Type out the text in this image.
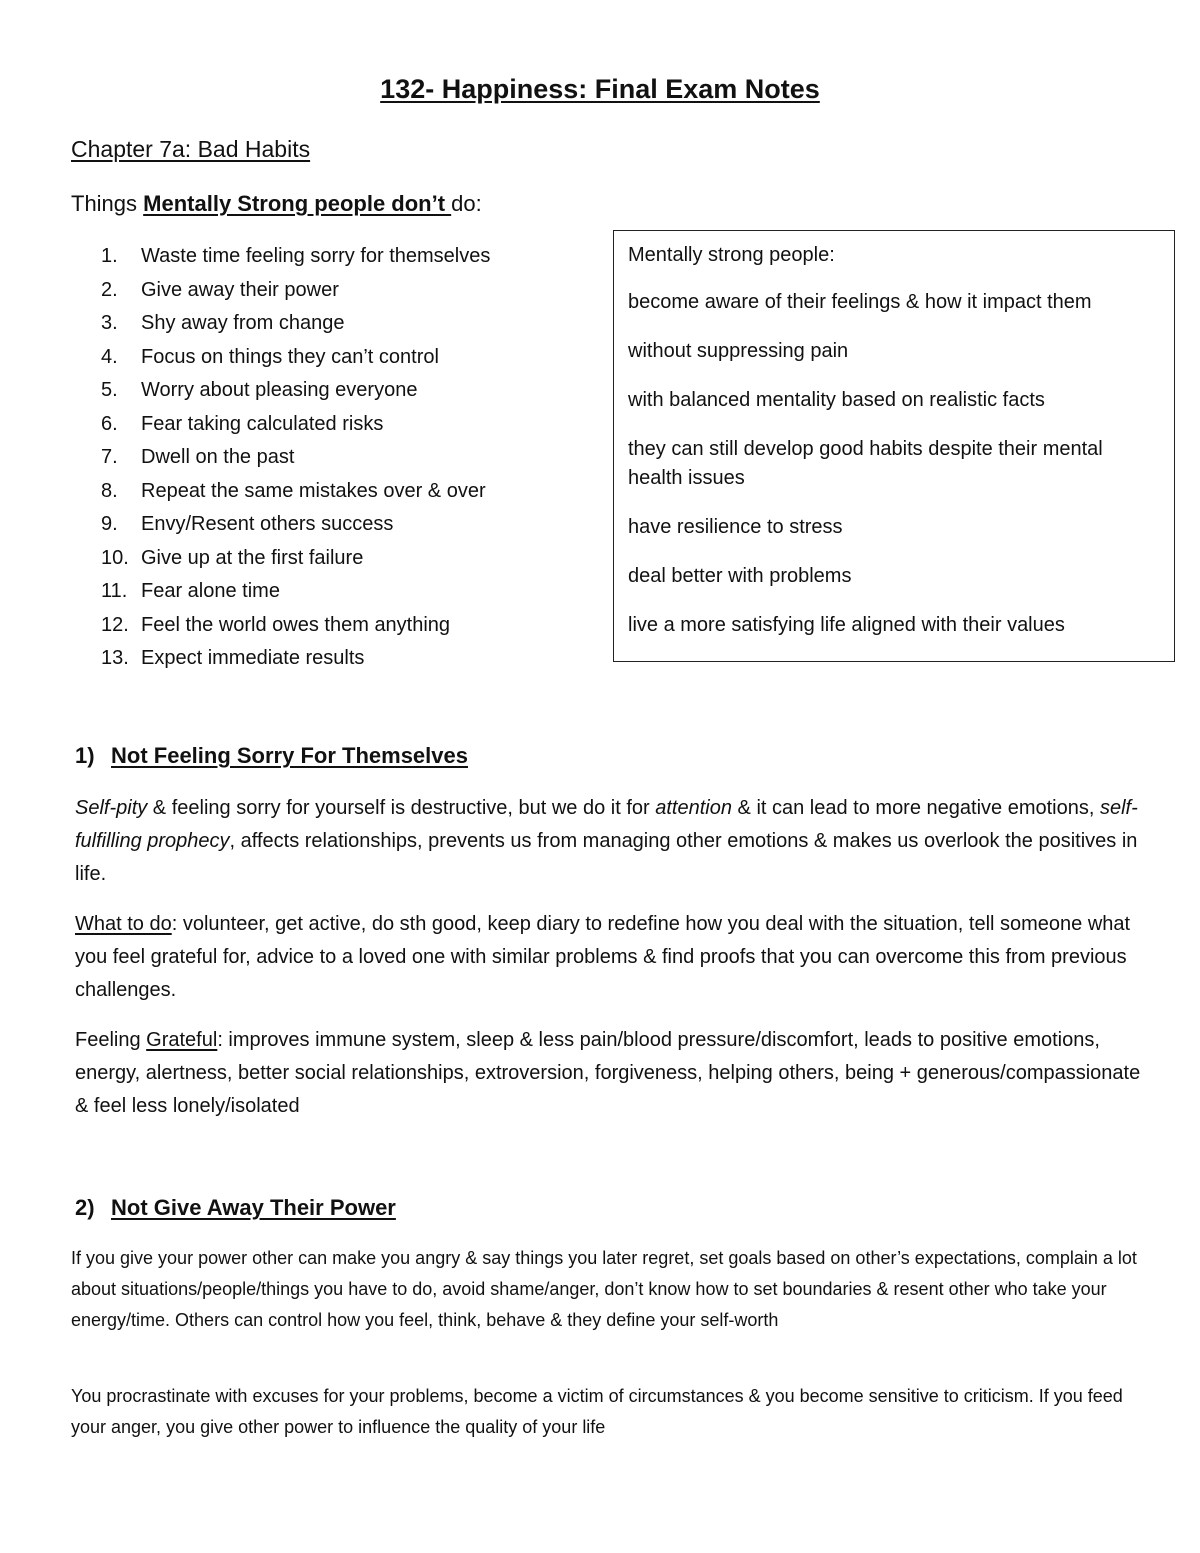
132- Happiness: Final Exam Notes
Chapter 7a: Bad Habits
Things Mentally Strong people don’t do:
1. Waste time feeling sorry for themselves
2. Give away their power
3. Shy away from change
4. Focus on things they can’t control
5. Worry about pleasing everyone
6. Fear taking calculated risks
7. Dwell on the past
8. Repeat the same mistakes over & over
9. Envy/Resent others success
10. Give up at the first failure
11. Fear alone time
12. Feel the world owes them anything
13. Expect immediate results

Mentally strong people:

become aware of their feelings & how it impact them

without suppressing pain

with balanced mentality based on realistic facts

they can still develop good habits despite their mental health issues

have resilience to stress

deal better with problems

live a more satisfying life aligned with their values

1) Not Feeling Sorry For Themselves
Self-pity & feeling sorry for yourself is destructive, but we do it for attention & it can lead to more negative emotions, self-fulfilling prophecy, affects relationships, prevents us from managing other emotions & makes us overlook the positives in life.
What to do: volunteer, get active, do sth good, keep diary to redefine how you deal with the situation, tell someone what you feel grateful for, advice to a loved one with similar problems & find proofs that you can overcome this from previous challenges.
Feeling Grateful: improves immune system, sleep & less pain/blood pressure/discomfort, leads to positive emotions, energy, alertness, better social relationships, extroversion, forgiveness, helping others, being + generous/compassionate & feel less lonely/isolated
2) Not Give Away Their Power
If you give your power other can make you angry & say things you later regret, set goals based on other’s expectations, complain a lot about situations/people/things you have to do, avoid shame/anger, don’t know how to set boundaries & resent other who take your energy/time. Others can control how you feel, think, behave & they define your self-worth
You procrastinate with excuses for your problems, become a victim of circumstances & you become sensitive to criticism. If you feed your anger, you give other power to influence the quality of your life
